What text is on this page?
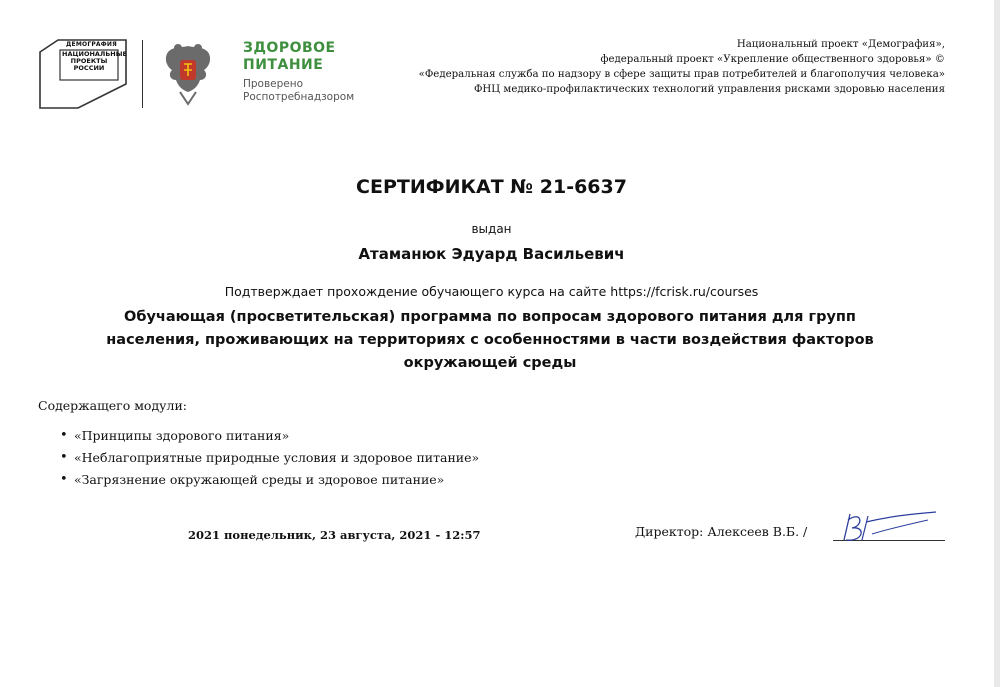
ДЕМОГРАФИЯ
НАЦИОНАЛЬНЫЕ
ПРОЕКТЫ
РОССИИ
ЗДОРОВОЕ
ПИТАНИЕ
Проверено
Роспотребнадзором
Национальный проект «Демография»,
федеральный проект «Укрепление общественного здоровья» ©
«Федеральная служба по надзору в сфере защиты прав потребителей и благополучия человека»
ФНЦ медико-профилактических технологий управления рисками здоровью населения
СЕРТИФИКАТ № 21-6637
выдан
Атаманюк Эдуард Васильевич
Подтверждает прохождение обучающего курса на сайте https://fcrisk.ru/courses
Обучающая (просветительская) программа по вопросам здорового питания для групп
населения, проживающих на территориях с особенностями в части воздействия факторов
окружающей среды
Содержащего модули:
• «Принципы здорового питания»
• «Неблагоприятные природные условия и здоровое питание»
• «Загрязнение окружающей среды и здоровое питание»
2021 понедельник, 23 августа, 2021 - 12:57	Директор: Алексеев В.Б. /
